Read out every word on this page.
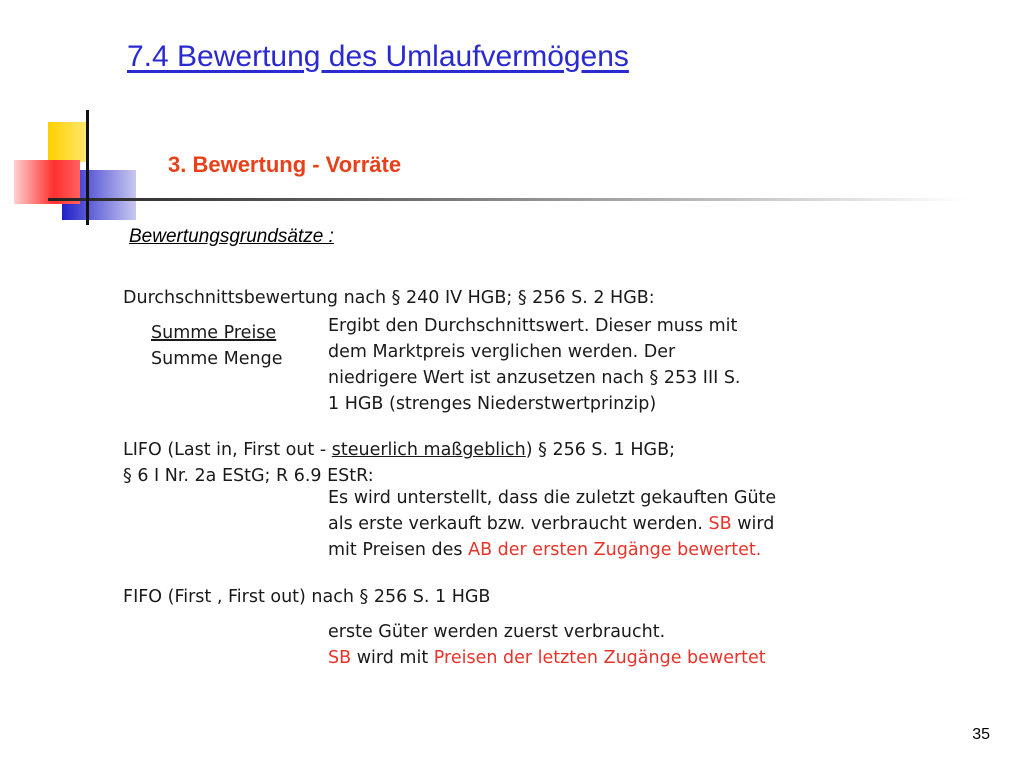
7.4 Bewertung des Umlaufvermögens
3. Bewertung - Vorräte
Bewertungsgrundsätze :
Durchschnittsbewertung nach § 240 IV HGB; § 256 S. 2 HGB:
Summe Preise
Summe Menge
Ergibt den Durchschnittswert. Dieser muss mit
dem Marktpreis verglichen werden. Der
niedrigere Wert ist anzusetzen nach § 253 III S.
1 HGB (strenges Niederstwertprinzip)
LIFO (Last in, First out - steuerlich maßgeblich) § 256 S. 1 HGB;
§ 6 I Nr. 2a EStG; R 6.9 EStR:
Es wird unterstellt, dass die zuletzt gekauften Güte
als erste verkauft bzw. verbraucht werden. SB wird
mit Preisen des AB der ersten Zugänge bewertet.
FIFO (First , First out) nach § 256 S. 1 HGB
erste Güter werden zuerst verbraucht.
SB wird mit Preisen der letzten Zugänge bewertet
35
